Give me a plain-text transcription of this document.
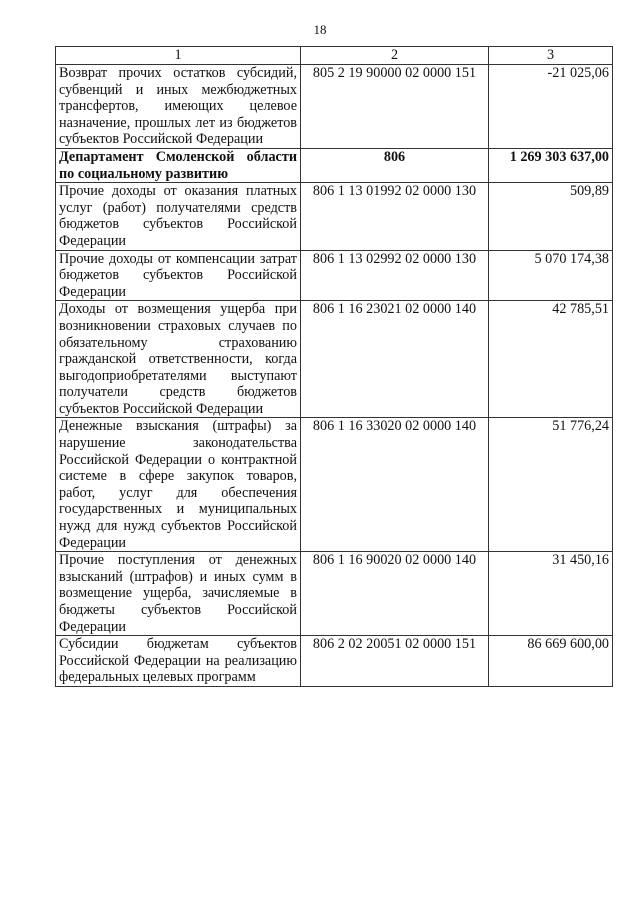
18
1	2	3
Возврат прочих остатков субсидий, субвенций и иных межбюджетных трансфертов, имеющих целевое назначение, прошлых лет из бюджетов субъектов Российской Федерации	805 2 19 90000 02 0000 151	-21 025,06
Департамент Смоленской области по социальному развитию	806	1 269 303 637,00
Прочие доходы от оказания платных услуг (работ) получателями средств бюджетов субъектов Российской Федерации	806 1 13 01992 02 0000 130	509,89
Прочие доходы от компенсации затрат бюджетов субъектов Российской Федерации	806 1 13 02992 02 0000 130	5 070 174,38
Доходы от возмещения ущерба при возникновении страховых случаев по обязательному страхованию гражданской ответственности, когда выгодоприобретателями выступают получатели средств бюджетов субъектов Российской Федерации	806 1 16 23021 02 0000 140	42 785,51
Денежные взыскания (штрафы) за нарушение законодательства Российской Федерации о контрактной системе в сфере закупок товаров, работ, услуг для обеспечения государственных и муниципальных нужд для нужд субъектов Российской Федерации	806 1 16 33020 02 0000 140	51 776,24
Прочие поступления от денежных взысканий (штрафов) и иных сумм в возмещение ущерба, зачисляемые в бюджеты субъектов Российской Федерации	806 1 16 90020 02 0000 140	31 450,16
Субсидии бюджетам субъектов Российской Федерации на реализацию федеральных целевых программ	806 2 02 20051 02 0000 151	86 669 600,00
